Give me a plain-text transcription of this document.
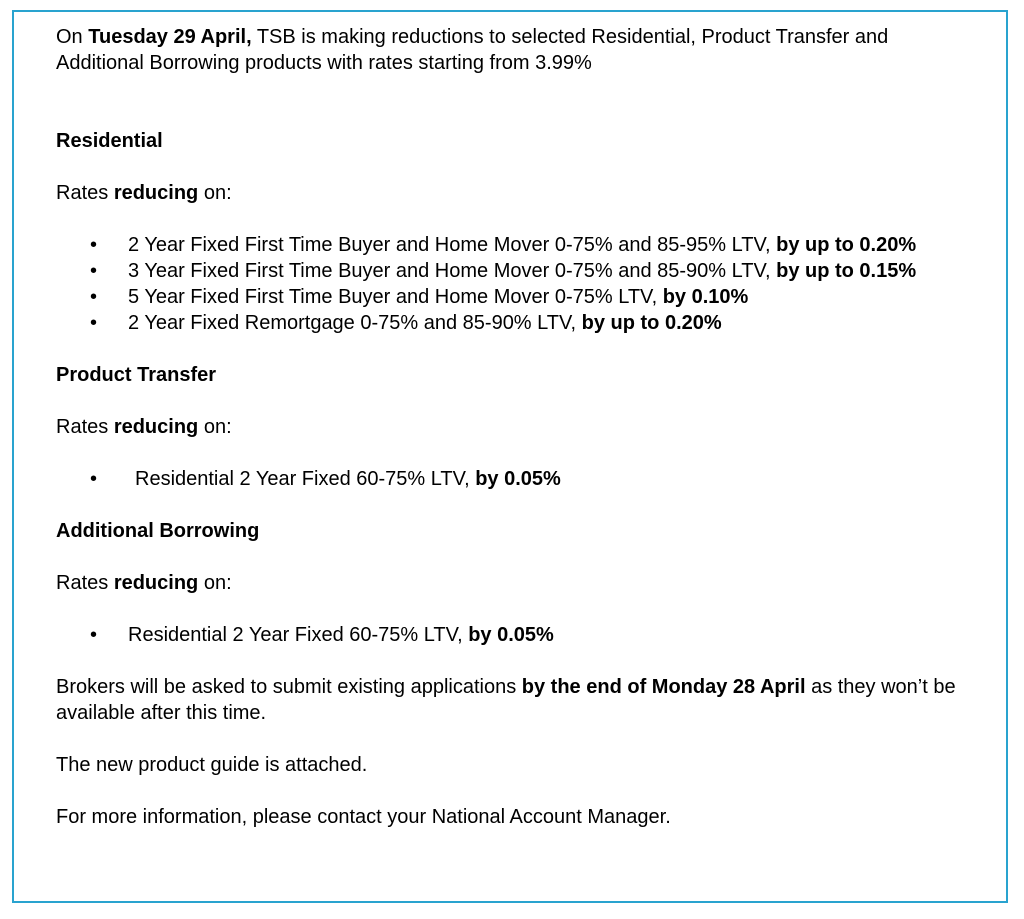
On Tuesday 29 April, TSB is making reductions to selected Residential, Product Transfer and Additional Borrowing products with rates starting from 3.99%

Residential

Rates reducing on:

• 2 Year Fixed First Time Buyer and Home Mover 0-75% and 85-95% LTV, by up to 0.20%
• 3 Year Fixed First Time Buyer and Home Mover 0-75% and 85-90% LTV, by up to 0.15%
• 5 Year Fixed First Time Buyer and Home Mover 0-75% LTV, by 0.10%
• 2 Year Fixed Remortgage 0-75% and 85-90% LTV, by up to 0.20%

Product Transfer

Rates reducing on:

• Residential 2 Year Fixed 60-75% LTV, by 0.05%

Additional Borrowing

Rates reducing on:

• Residential 2 Year Fixed 60-75% LTV, by 0.05%

Brokers will be asked to submit existing applications by the end of Monday 28 April as they won’t be available after this time.

The new product guide is attached.

For more information, please contact your National Account Manager.
